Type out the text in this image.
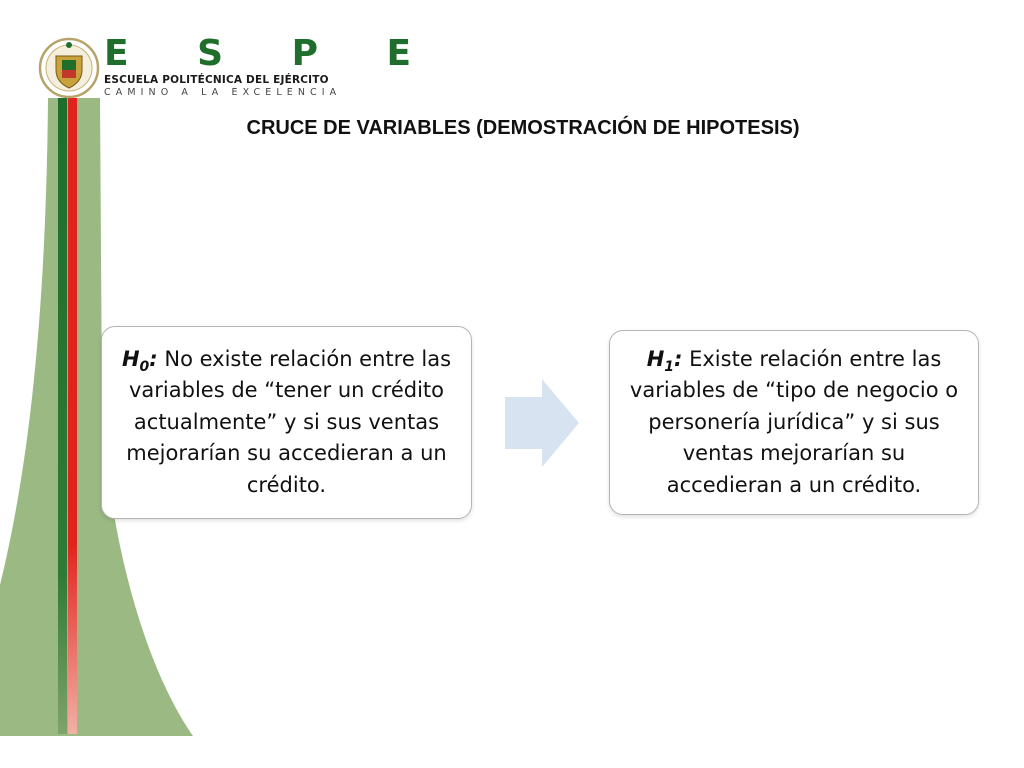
E S P E
ESCUELA POLITÉCNICA DEL EJÉRCITO
CAMINO A LA EXCELENCIA
CRUCE DE VARIABLES (DEMOSTRACIÓN DE HIPOTESIS)
$H_0$: No existe relación entre las variables de “tener un crédito actualmente” y si sus ventas mejorarían su accedieran a un crédito.
$H_1$: Existe relación entre las variables de “tipo de negocio o personería jurídica” y si sus ventas mejorarían su accedieran a un crédito.
